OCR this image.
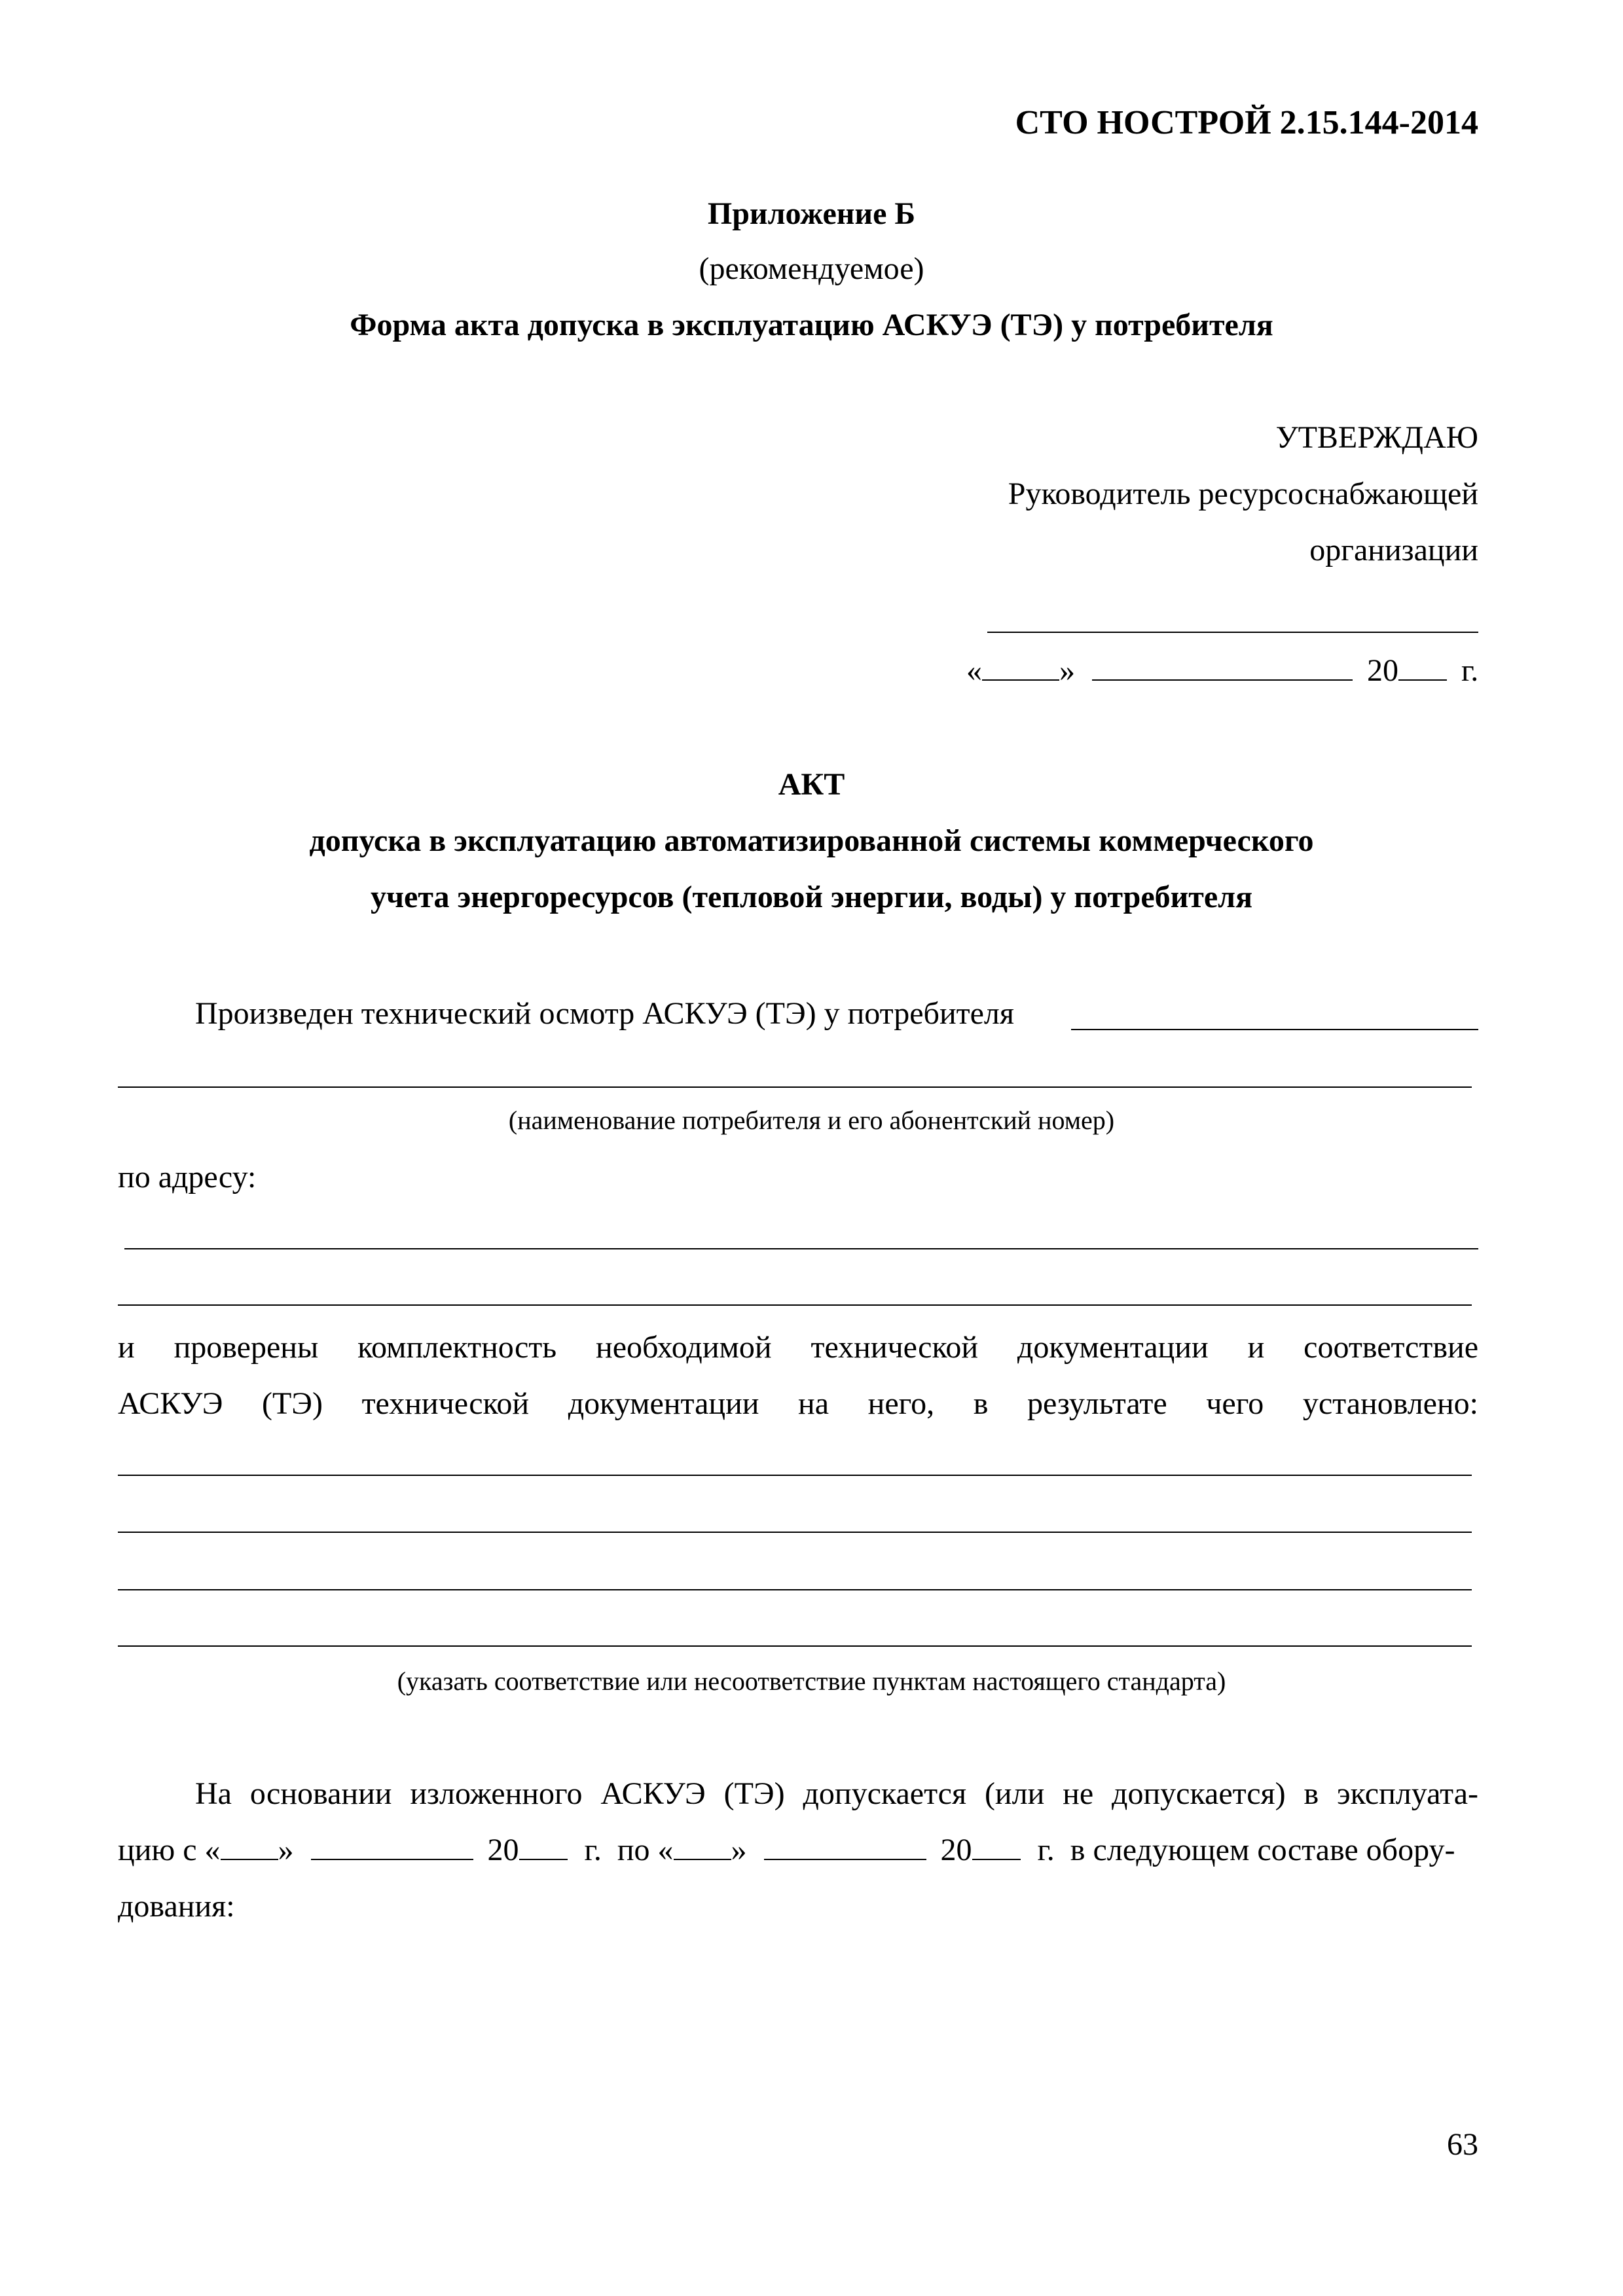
СТО НОСТРОЙ 2.15.144-2014
Приложение Б
(рекомендуемое)
Форма акта допуска в эксплуатацию АСКУЭ (ТЭ) у потребителя
УТВЕРЖДАЮ
Руководитель ресурсоснабжающей
организации
« »	20 г.
АКТ
допуска в эксплуатацию автоматизированной системы коммерческого
учета энергоресурсов (тепловой энергии, воды) у потребителя
Произведен технический осмотр АСКУЭ (ТЭ) у потребителя
(наименование потребителя и его абонентский номер)
по адресу:
и проверены комплектность необходимой технической документации и соответствие
АСКУЭ (ТЭ) технической документации на него, в результате чего установлено:
(указать соответствие или несоответствие пунктам настоящего стандарта)
На основании изложенного АСКУЭ (ТЭ) допускается (или не допускается) в эксплуата-
цию с « »	20 г. по « »	20 г. в следующем составе обору-
дования:
63
